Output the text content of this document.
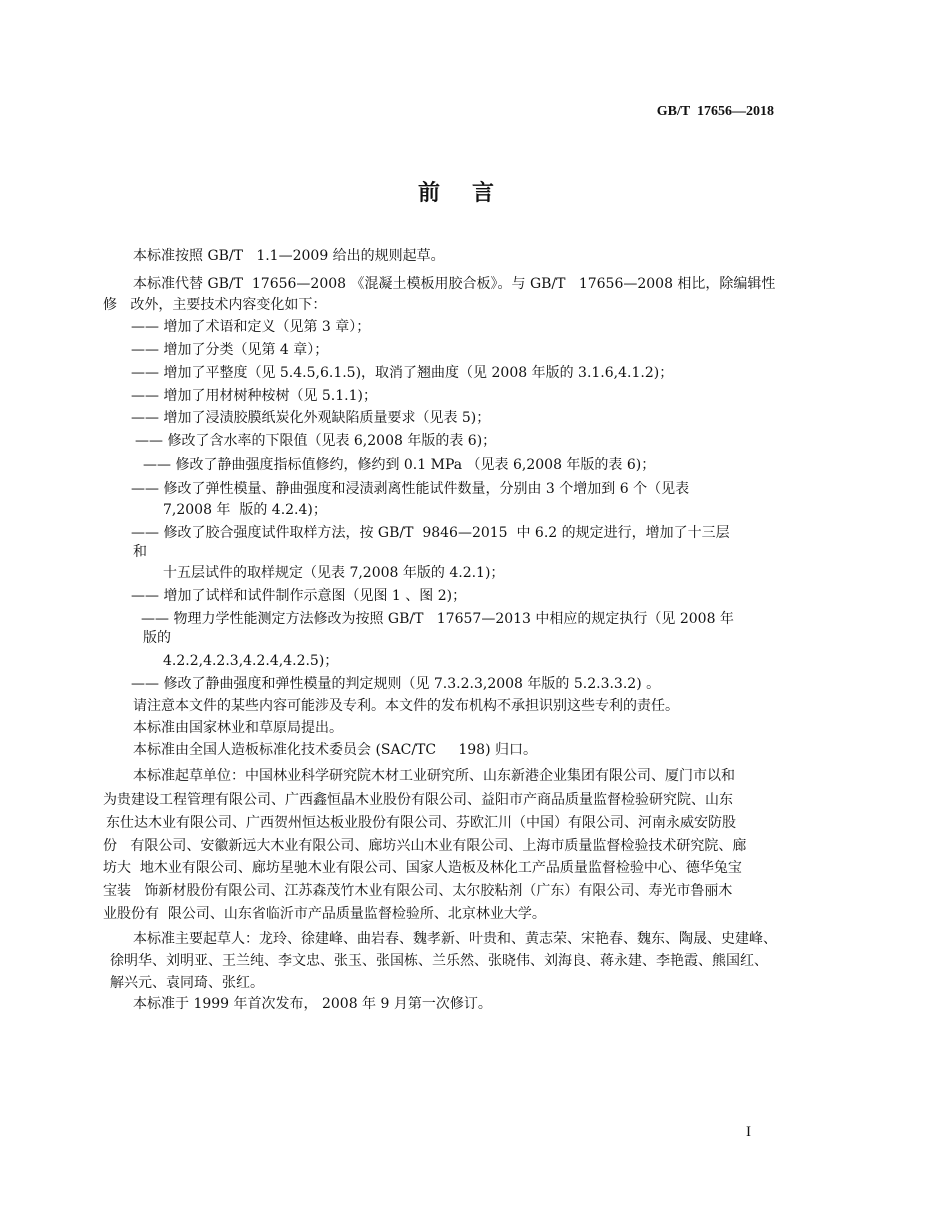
GB/T  17656—2018
前言
本标准按照 GB/T   1.1—2009 给出的规则起草。
本标准代替 GB/T  17656—2008 《混凝土模板用胶合板》。与 GB/T   17656—2008 相比，除编辑性
修   改外，主要技术内容变化如下：
—— 增加了术语和定义（见第 3 章）；
—— 增加了分类（见第 4 章）；
—— 增加了平整度（见 5.4.5,6.1.5)，取消了翘曲度（见 2008 年版的 3.1.6,4.1.2)；
—— 增加了用材树种桉树（见 5.1.1)；
—— 增加了浸渍胶膜纸炭化外观缺陷质量要求（见表 5)；
—— 修改了含水率的下限值（见表 6,2008 年版的表 6)；
—— 修改了静曲强度指标值修约，修约到 0.1 MPa （见表 6,2008 年版的表 6)；
—— 修改了弹性模量、静曲强度和浸渍剥离性能试件数量，分别由 3 个增加到 6 个（见表
7,2008 年  版的 4.2.4)；
—— 修改了胶合强度试件取样方法，按 GB/T  9846—2015  中 6.2 的规定进行，增加了十三层
和
十五层试件的取样规定（见表 7,2008 年版的 4.2.1)；
—— 增加了试样和试件制作示意图（见图 1 、图 2)；
—— 物理力学性能测定方法修改为按照 GB/T   17657—2013 中相应的规定执行（见 2008 年
版的
4.2.2,4.2.3,4.2.4,4.2.5)；
—— 修改了静曲强度和弹性模量的判定规则（见 7.3.2.3,2008 年版的 5.2.3.3.2) 。
请注意本文件的某些内容可能涉及专利。本文件的发布机构不承担识别这些专利的责任。
本标准由国家林业和草原局提出。
本标准由全国人造板标准化技术委员会 (SAC/TC     198) 归口。
本标准起草单位：中国林业科学研究院木材工业研究所、山东新港企业集团有限公司、厦门市以和
为贵建设工程管理有限公司、广西鑫恒晶木业股份有限公司、益阳市产商品质量监督检验研究院、山东
东仕达木业有限公司、广西贺州恒达板业股份有限公司、芬欧汇川（中国）有限公司、河南永威安防股
份   有限公司、安徽新远大木业有限公司、廊坊兴山木业有限公司、上海市质量监督检验技术研究院、廊
坊大  地木业有限公司、廊坊星驰木业有限公司、国家人造板及林化工产品质量监督检验中心、德华兔宝
宝装   饰新材股份有限公司、江苏森茂竹木业有限公司、太尔胶粘剂（广东）有限公司、寿光市鲁丽木
业股份有  限公司、山东省临沂市产品质量监督检验所、北京林业大学。
本标准主要起草人：龙玲、徐建峰、曲岩春、魏孝新、叶贵和、黄志荣、宋艳春、魏东、陶晟、史建峰、
徐明华、刘明亚、王兰纯、李文忠、张玉、张国栋、兰乐然、张晓伟、刘海良、蒋永建、李艳霞、熊国红、
解兴元、袁同琦、张红。
本标准于 1999 年首次发布， 2008 年 9 月第一次修订。
I
